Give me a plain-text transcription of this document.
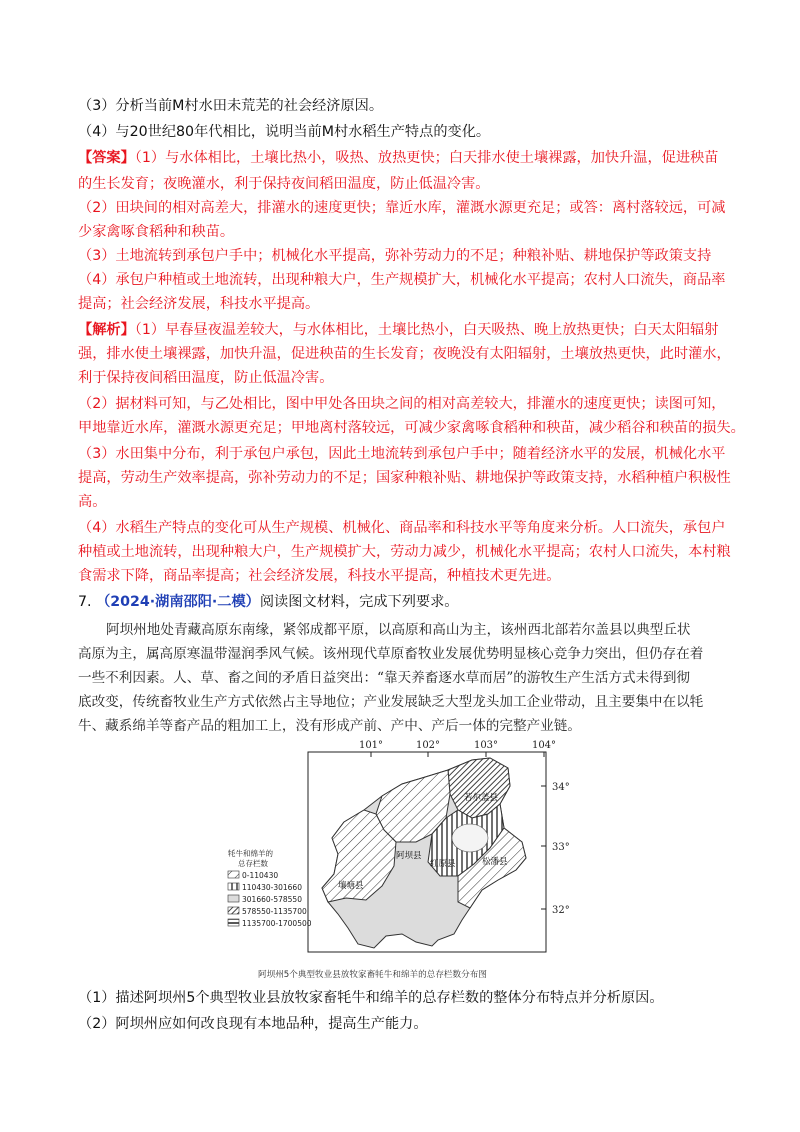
（3）分析当前M村水田未荒芜的社会经济原因。
（4）与20世纪80年代相比，说明当前M村水稻生产特点的变化。
【答案】（1）与水体相比，土壤比热小，吸热、放热更快；白天排水使土壤裸露，加快升温，促进秧苗
的生长发育；夜晚灌水，利于保持夜间稻田温度，防止低温冷害。
（2）田块间的相对高差大，排灌水的速度更快；靠近水库，灌溉水源更充足；或答：离村落较远，可减
少家禽啄食稻种和秧苗。
（3）土地流转到承包户手中；机械化水平提高，弥补劳动力的不足；种粮补贴、耕地保护等政策支持
（4）承包户种植或土地流转，出现种粮大户，生产规模扩大，机械化水平提高；农村人口流失，商品率
提高；社会经济发展，科技水平提高。
【解析】（1）早春昼夜温差较大，与水体相比，土壤比热小，白天吸热、晚上放热更快；白天太阳辐射
强，排水使土壤裸露，加快升温，促进秧苗的生长发育；夜晚没有太阳辐射，土壤放热更快，此时灌水，
利于保持夜间稻田温度，防止低温冷害。
（2）据材料可知，与乙处相比，图中甲处各田块之间的相对高差较大，排灌水的速度更快；读图可知，
甲地靠近水库，灌溉水源更充足；甲地离村落较远，可减少家禽啄食稻种和秧苗，减少稻谷和秧苗的损失。
（3）水田集中分布，利于承包户承包，因此土地流转到承包户手中；随着经济水平的发展，机械化水平
提高，劳动生产效率提高，弥补劳动力的不足；国家种粮补贴、耕地保护等政策支持，水稻种植户积极性
高。
（4）水稻生产特点的变化可从生产规模、机械化、商品率和科技水平等角度来分析。人口流失，承包户
种植或土地流转，出现种粮大户，生产规模扩大，劳动力减少，机械化水平提高；农村人口流失，本村粮
食需求下降，商品率提高；社会经济发展，科技水平提高，种植技术更先进。
7. （2024·湖南邵阳·二模）阅读图文材料，完成下列要求。
阿坝州地处青藏高原东南缘，紧邻成都平原，以高原和高山为主，该州西北部若尔盖县以典型丘状
高原为主，属高原寒温带湿润季风气候。该州现代草原畜牧业发展优势明显核心竞争力突出，但仍存在着
一些不利因素。人、草、畜之间的矛盾日益突出：“靠天养畜逐水草而居”的游牧生产生活方式未得到彻
底改变，传统畜牧业生产方式依然占主导地位；产业发展缺乏大型龙头加工企业带动，且主要集中在以牦
牛、藏系绵羊等畜产品的粗加工上，没有形成产前、产中、产后一体的完整产业链。
101°	102°	103°	104°
34°
33°
32°
若尔盖县
阿坝县
红原县	松潘县
壤塘县
牦牛和绵羊的
总存栏数
0-110430
110430-301660
301660-578550
578550-1135700
1135700-1700500
阿坝州5个典型牧业县放牧家畜牦牛和绵羊的总存栏数分布图
（1）描述阿坝州5个典型牧业县放牧家畜牦牛和绵羊的总存栏数的整体分布特点并分析原因。
（2）阿坝州应如何改良现有本地品种，提高生产能力。
